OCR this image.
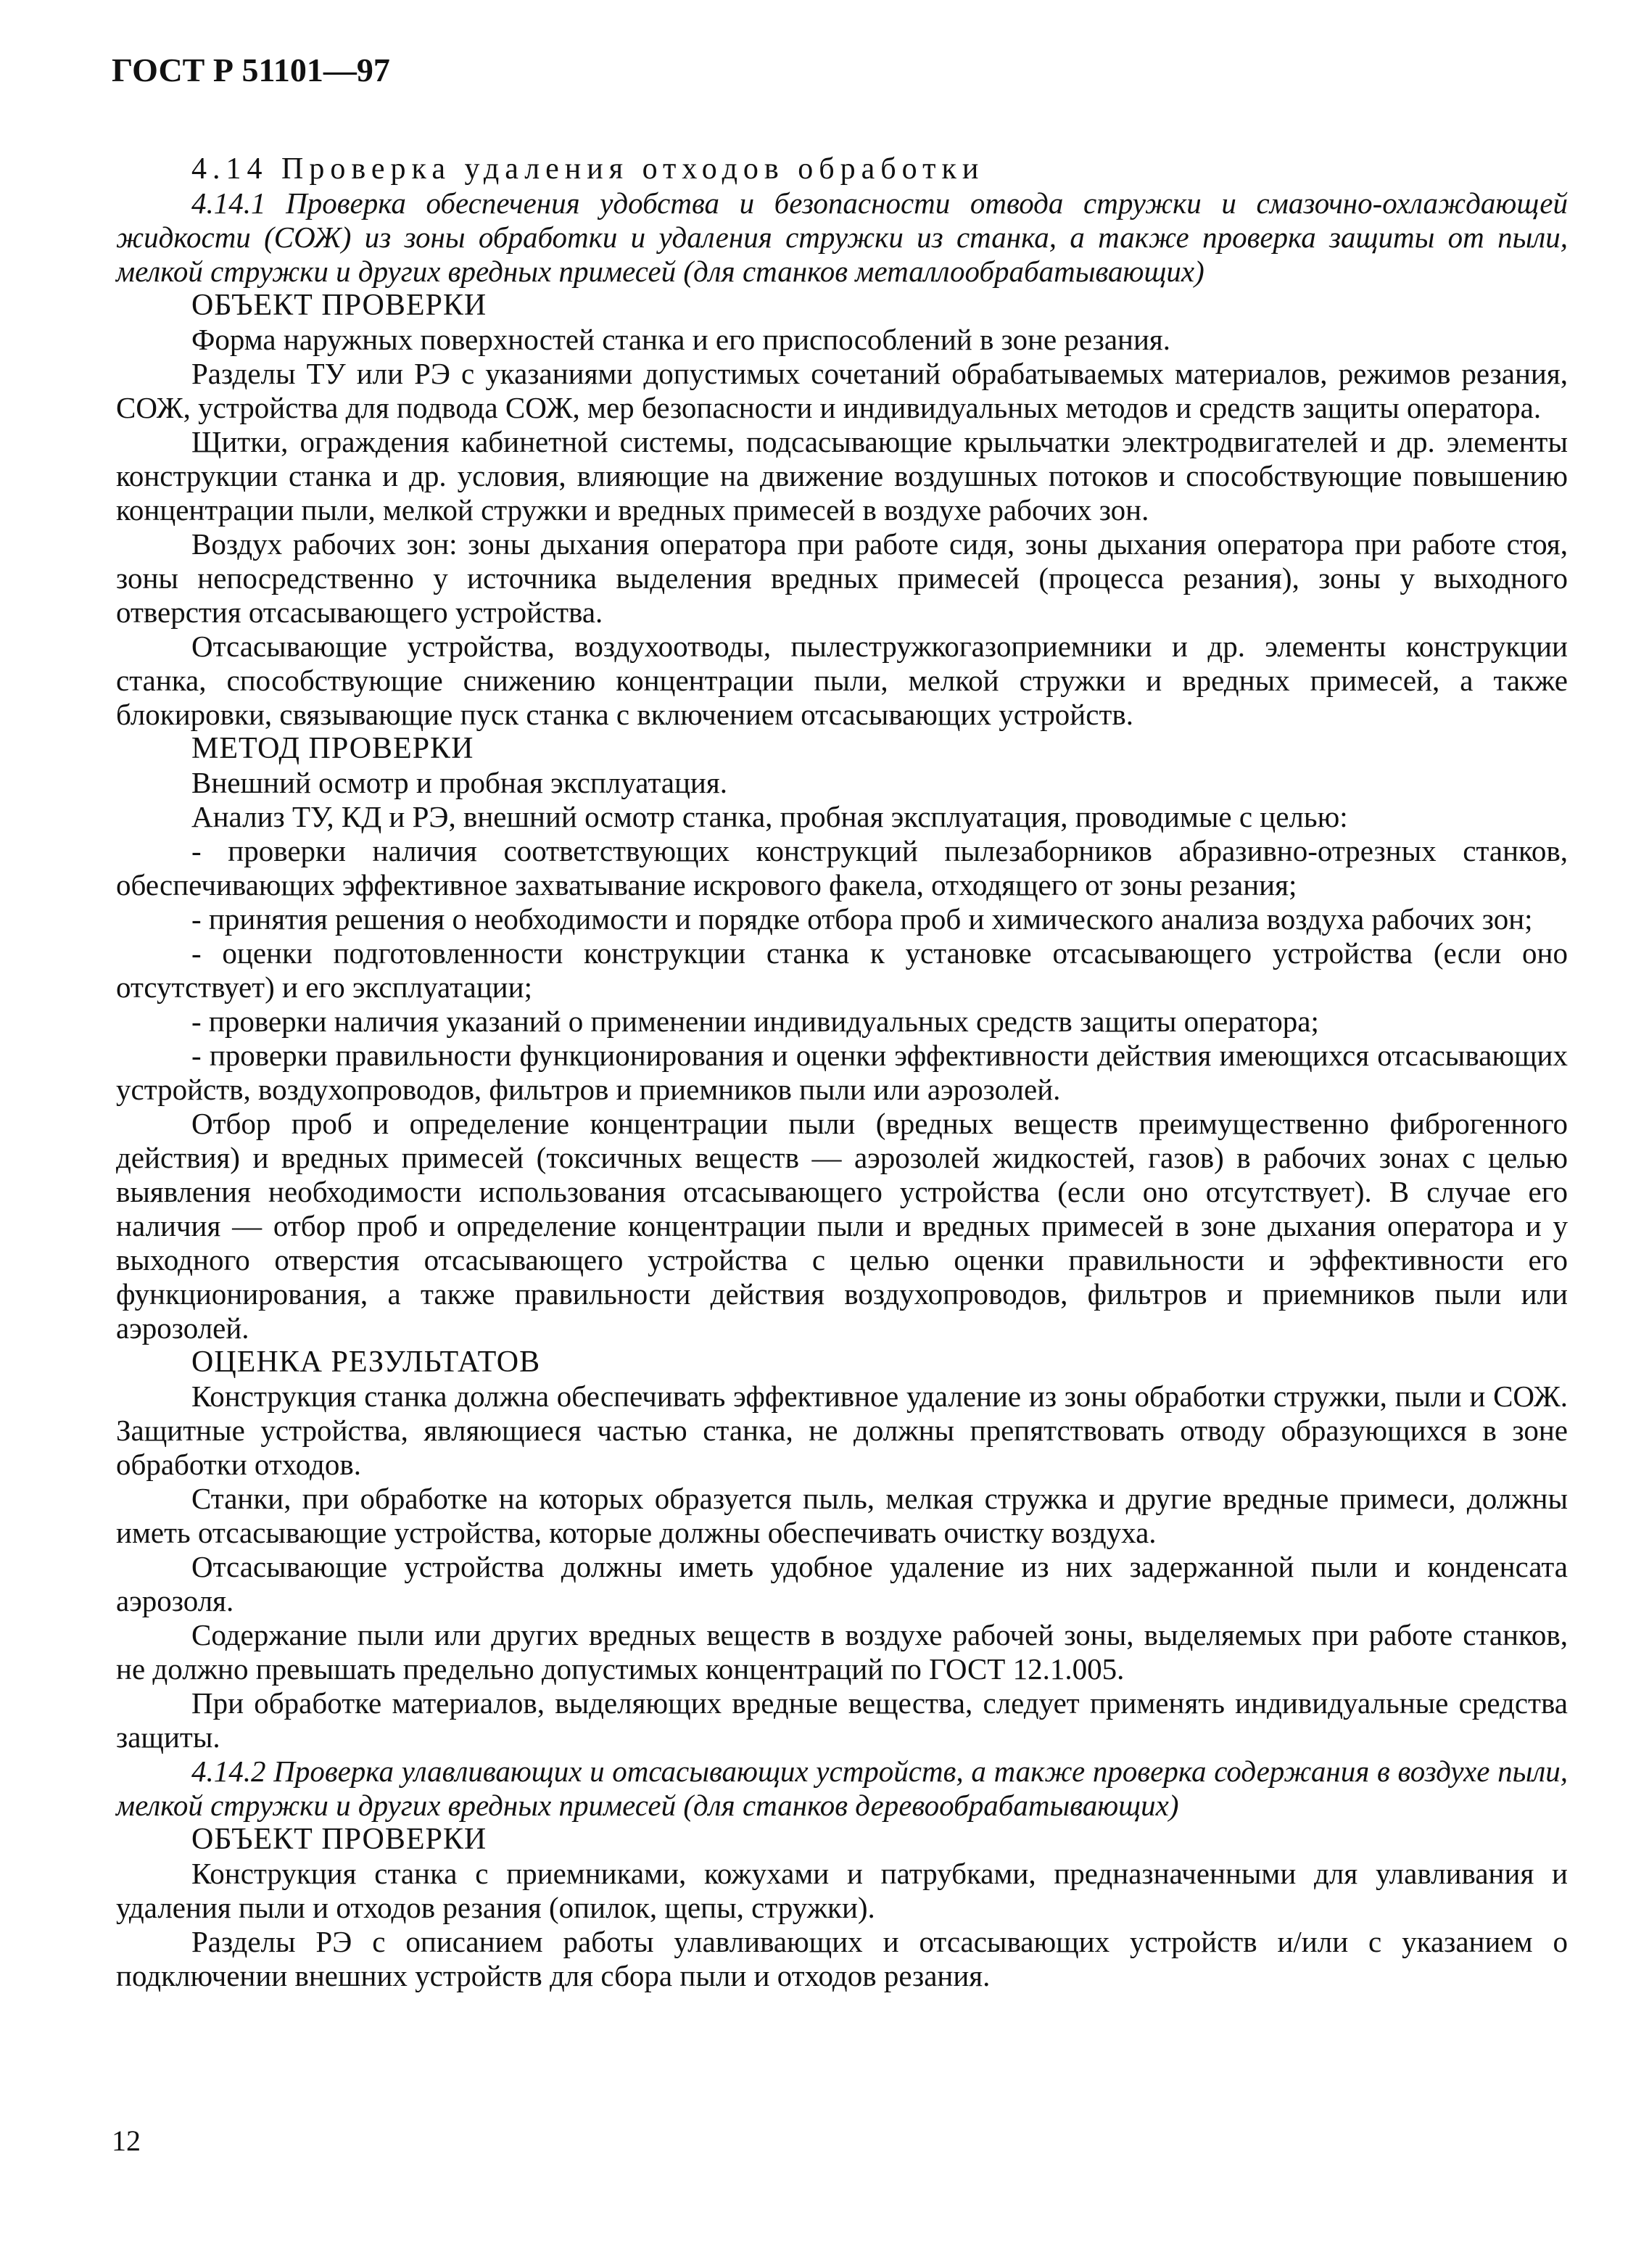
ГОСТ Р 51101—97
4.14 Проверка удаления отходов обработки

4.14.1 Проверка обеспечения удобства и безопасности отвода стружки и смазочно-охлаждающей жидкости (СОЖ) из зоны обработки и удаления стружки из станка, а также проверка защиты от пыли, мелкой стружки и других вредных примесей (для станков металлообрабатывающих)

ОБЪЕКТ ПРОВЕРКИ

Форма наружных поверхностей станка и его приспособлений в зоне резания.

Разделы ТУ или РЭ с указаниями допустимых сочетаний обрабатываемых материалов, режимов резания, СОЖ, устройства для подвода СОЖ, мер безопасности и индивидуальных методов и средств защиты оператора.

Щитки, ограждения кабинетной системы, подсасывающие крыльчатки электродвигателей и др. элементы конструкции станка и др. условия, влияющие на движение воздушных потоков и способствующие повышению концентрации пыли, мелкой стружки и вредных примесей в воздухе рабочих зон.

Воздух рабочих зон: зоны дыхания оператора при работе сидя, зоны дыхания оператора при работе стоя, зоны непосредственно у источника выделения вредных примесей (процесса резания), зоны у выходного отверстия отсасывающего устройства.

Отсасывающие устройства, воздухоотводы, пылестружкогазоприемники и др. элементы конструкции станка, способствующие снижению концентрации пыли, мелкой стружки и вредных примесей, а также блокировки, связывающие пуск станка с включением отсасывающих устройств.

МЕТОД ПРОВЕРКИ

Внешний осмотр и пробная эксплуатация.

Анализ ТУ, КД и РЭ, внешний осмотр станка, пробная эксплуатация, проводимые с целью:

- проверки наличия соответствующих конструкций пылезаборников абразивно-отрезных станков, обеспечивающих эффективное захватывание искрового факела, отходящего от зоны резания;

- принятия решения о необходимости и порядке отбора проб и химического анализа воздуха рабочих зон;

- оценки подготовленности конструкции станка к установке отсасывающего устройства (если оно отсутствует) и его эксплуатации;

- проверки наличия указаний о применении индивидуальных средств защиты оператора;

- проверки правильности функционирования и оценки эффективности действия имеющихся отсасывающих устройств, воздухопроводов, фильтров и приемников пыли или аэрозолей.

Отбор проб и определение концентрации пыли (вредных веществ преимущественно фиброгенного действия) и вредных примесей (токсичных веществ — аэрозолей жидкостей, газов) в рабочих зонах с целью выявления необходимости использования отсасывающего устройства (если оно отсутствует). В случае его наличия — отбор проб и определение концентрации пыли и вредных примесей в зоне дыхания оператора и у выходного отверстия отсасывающего устройства с целью оценки правильности и эффективности его функционирования, а также правильности действия воздухопроводов, фильтров и приемников пыли или аэрозолей.

ОЦЕНКА РЕЗУЛЬТАТОВ

Конструкция станка должна обеспечивать эффективное удаление из зоны обработки стружки, пыли и СОЖ. Защитные устройства, являющиеся частью станка, не должны препятствовать отводу образующихся в зоне обработки отходов.

Станки, при обработке на которых образуется пыль, мелкая стружка и другие вредные примеси, должны иметь отсасывающие устройства, которые должны обеспечивать очистку воздуха.

Отсасывающие устройства должны иметь удобное удаление из них задержанной пыли и конденсата аэрозоля.

Содержание пыли или других вредных веществ в воздухе рабочей зоны, выделяемых при работе станков, не должно превышать предельно допустимых концентраций по ГОСТ 12.1.005.

При обработке материалов, выделяющих вредные вещества, следует применять индивидуальные средства защиты.

4.14.2 Проверка улавливающих и отсасывающих устройств, а также проверка содержания в воздухе пыли, мелкой стружки и других вредных примесей (для станков деревообрабатывающих)

ОБЪЕКТ ПРОВЕРКИ

Конструкция станка с приемниками, кожухами и патрубками, предназначенными для улавливания и удаления пыли и отходов резания (опилок, щепы, стружки).

Разделы РЭ с описанием работы улавливающих и отсасывающих устройств и/или с указанием о подключении внешних устройств для сбора пыли и отходов резания.

12
